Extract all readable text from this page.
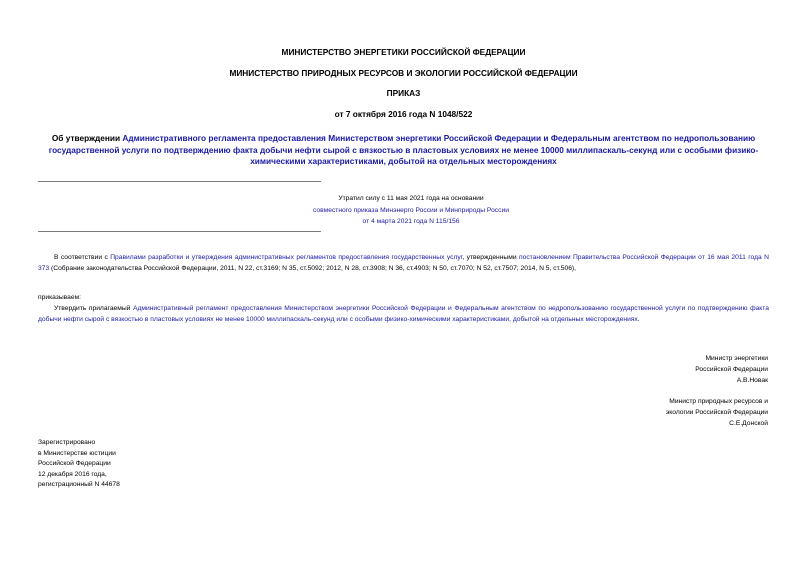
МИНИСТЕРСТВО ЭНЕРГЕТИКИ РОССИЙСКОЙ ФЕДЕРАЦИИ
МИНИСТЕРСТВО ПРИРОДНЫХ РЕСУРСОВ И ЭКОЛОГИИ РОССИЙСКОЙ ФЕДЕРАЦИИ
ПРИКАЗ
от 7 октября 2016 года N 1048/522
Об утверждении Административного регламента предоставления Министерством энергетики Российской Федерации и Федеральным агентством по недропользованию государственной услуги по подтверждению факта добычи нефти сырой с вязкостью в пластовых условиях не менее 10000 миллипаскаль-секунд или с особыми физико-химическими характеристиками, добытой на отдельных месторождениях
Утратил силу с 11 мая 2021 года на основании
совместного приказа Минэнерго России и Минприроды России
от 4 марта 2021 года N 115/156
В соответствии с Правилами разработки и утверждения административных регламентов предоставления государственных услуг, утвержденными постановлением Правительства Российской Федерации от 16 мая 2011 года N 373 (Собрание законодательства Российской Федерации, 2011, N 22, ст.3169; N 35, ст.5092; 2012, N 28, ст.3908; N 36, ст.4903; N 50, ст.7070; N 52, ст.7507; 2014, N 5, ст.506),
приказываем:
Утвердить прилагаемый Административный регламент предоставления Министерством энергетики Российской Федерации и Федеральным агентством по недропользованию государственной услуги по подтверждению факта добычи нефти сырой с вязкостью в пластовых условиях не менее 10000 миллипаскаль-секунд или с особыми физико-химическими характеристиками, добытой на отдельных месторождениях.
Министр энергетики
Российской Федерации
А.В.Новак
Министр природных ресурсов и
экологии Российской Федерации
С.Е.Донской
Зарегистрировано
в Министерстве юстиции
Российской Федерации
12 декабря 2016 года,
регистрационный N 44678
